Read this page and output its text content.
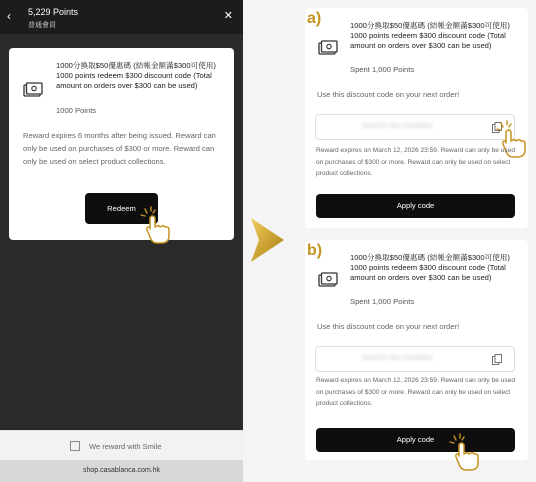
‹	5,229 Points
普通會員
✕
1000分換取$50優惠碼 (結帳金額滿$300可使用) 1000 points redeem $300 discount code (Total amount on orders over $300 can be used)
1000 Points
Reward expires 6 months after being issued. Reward can only be used on purchases of $300 or more. Reward can only be used on select product collections.
Redeem
We reward with Smile
shop.casablanca.com.hk
a)	1000分換取$50優惠碼 (結帳金額滿$300可使用) 1000 points redeem $300 discount code (Total amount on orders over $300 can be used)
Spent 1,000 Points
Use this discount code on your next order!
$50OFF-65c769988b0
Reward expires on March 12, 2026 23:59. Reward can only be used on purchases of $300 or more. Reward can only be used on select product collections.
Apply code
b)	1000分換取$50優惠碼 (結帳金額滿$300可使用) 1000 points redeem $300 discount code (Total amount on orders over $300 can be used)
Spent 1,000 Points
Use this discount code on your next order!
$50OFF-65c769988b0
Reward expires on March 12, 2026 23:59. Reward can only be used on purchases of $300 or more. Reward can only be used on select product collections.
Apply code
